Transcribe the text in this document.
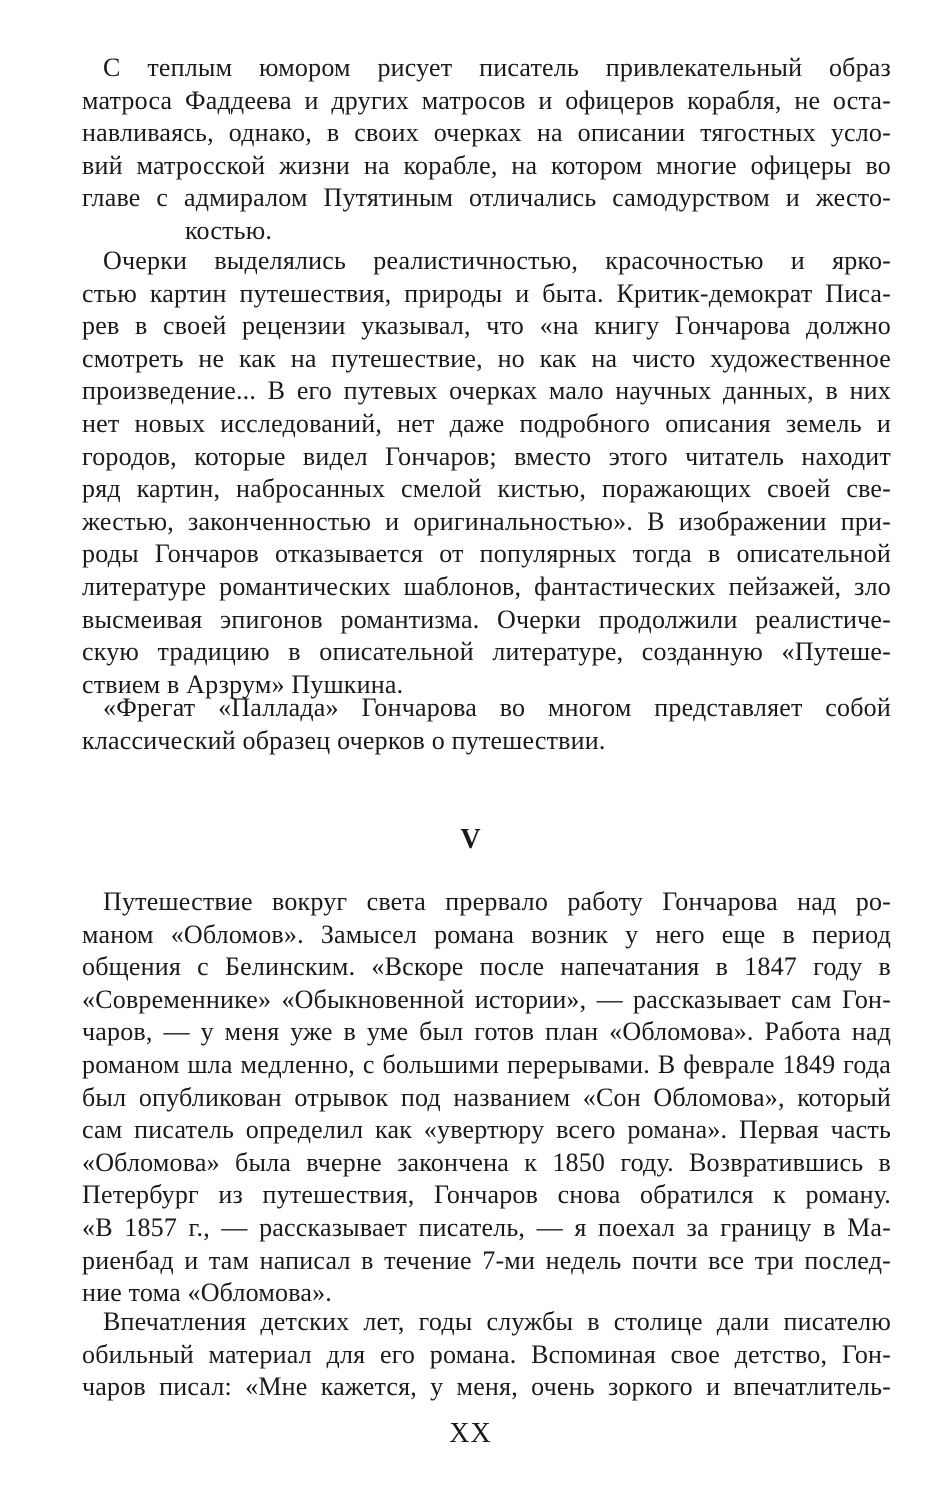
С теплым юмором рисует писатель привлекательный образ
матроса Фаддеева и других матросов и офицеров корабля, не оста-
навливаясь, однако, в своих очерках на описании тягостных усло-
вий матросской жизни на корабле, на котором многие офицеры во
главе с адмиралом Путятиным отличались самодурством и жесто-
костью.
Очерки выделялись реалистичностью, красочностью и ярко-
стью картин путешествия, природы и быта. Критик-демократ Писа-
рев в своей рецензии указывал, что «на книгу Гончарова должно
смотреть не как на путешествие, но как на чисто художественное
произведение... В его путевых очерках мало научных данных, в них
нет новых исследований, нет даже подробного описания земель и
городов, которые видел Гончаров; вместо этого читатель находит
ряд картин, набросанных смелой кистью, поражающих своей све-
жестью, законченностью и оригинальностью». В изображении при-
роды Гончаров отказывается от популярных тогда в описательной
литературе романтических шаблонов, фантастических пейзажей, зло
высмеивая эпигонов романтизма. Очерки продолжили реалистиче-
скую традицию в описательной литературе, созданную «Путеше-
ствием в Арзрум» Пушкина.
«Фрегат «Паллада» Гончарова во многом представляет собой
классический образец очерков о путешествии.
V
Путешествие вокруг света прервало работу Гончарова над ро-
маном «Обломов». Замысел романа возник у него еще в период
общения с Белинским. «Вскоре после напечатания в 1847 году в
«Современнике» «Обыкновенной истории», — рассказывает сам Гон-
чаров, — у меня уже в уме был готов план «Обломова». Работа над
романом шла медленно, с большими перерывами. В феврале 1849 года
был опубликован отрывок под названием «Сон Обломова», который
сам писатель определил как «увертюру всего романа». Первая часть
«Обломова» была вчерне закончена к 1850 году. Возвратившись в
Петербург из путешествия, Гончаров снова обратился к роману.
«В 1857 г., — рассказывает писатель, — я поехал за границу в Ма-
риенбад и там написал в течение 7-ми недель почти все три послед-
ние тома «Обломова».
Впечатления детских лет, годы службы в столице дали писателю
обильный материал для его романа. Вспоминая свое детство, Гон-
чаров писал: «Мне кажется, у меня, очень зоркого и впечатлитель-
XX
